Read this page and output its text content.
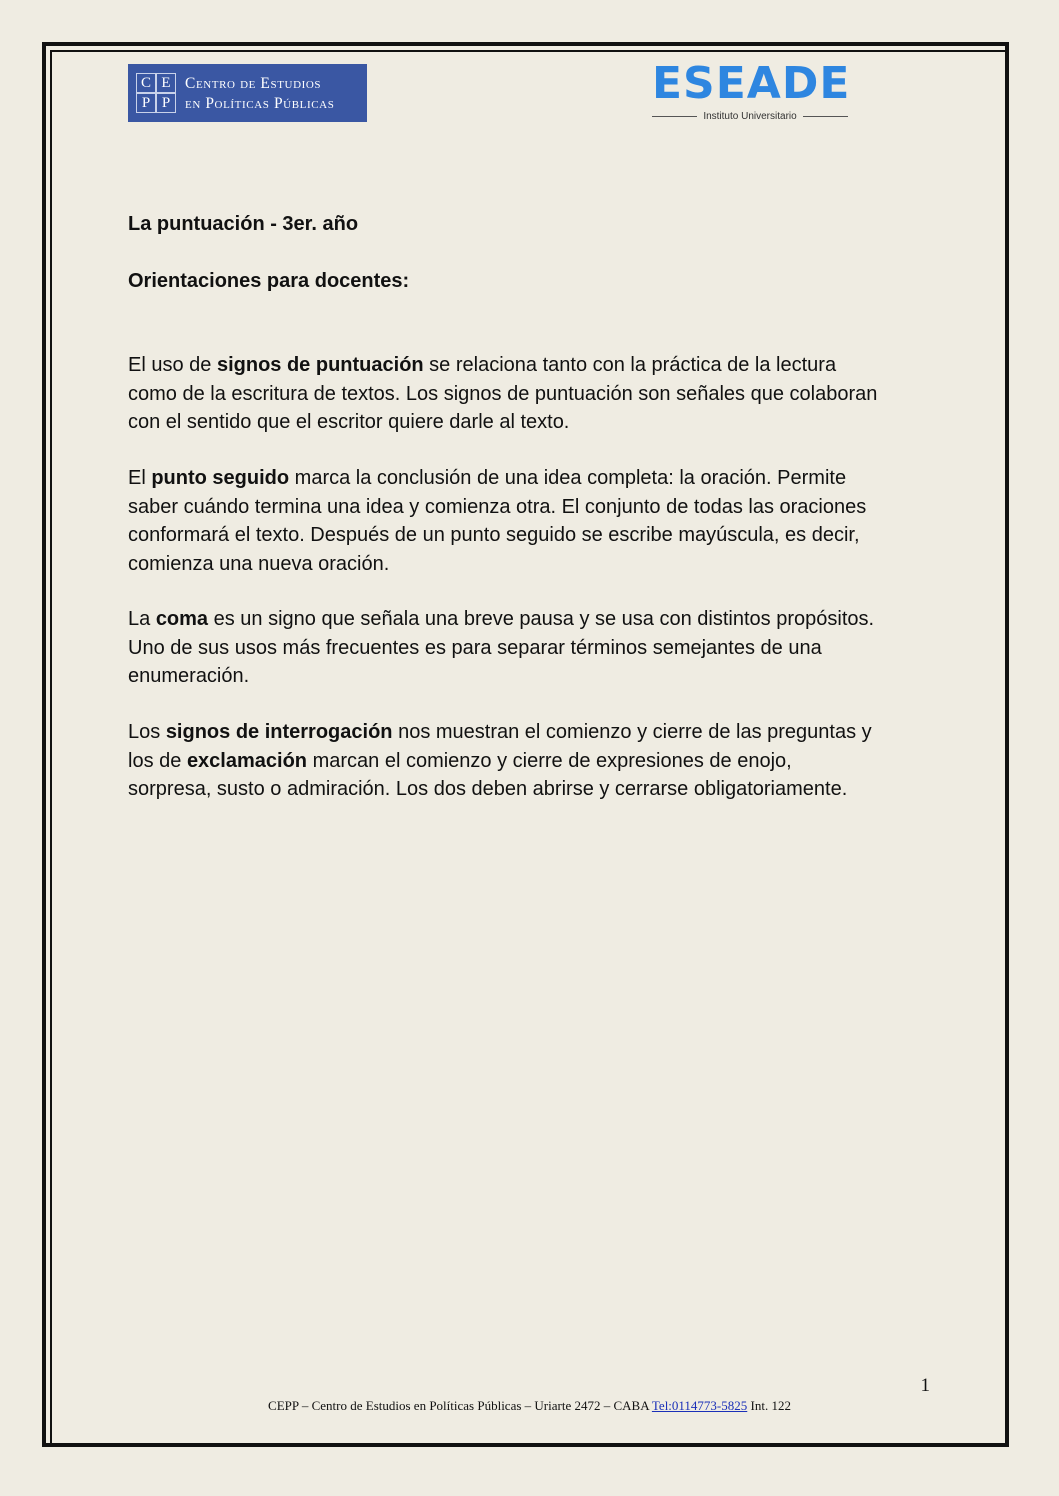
C E
P P
Centro de Estudios
en Políticas Públicas	ESEADE
Instituto Universitario
La puntuación - 3er. año
Orientaciones para docentes:

El uso de signos de puntuación se relaciona tanto con la práctica de la lectura
como de la escritura de textos. Los signos de puntuación son señales que colaboran
con el sentido que el escritor quiere darle al texto.

El punto seguido marca la conclusión de una idea completa: la oración. Permite
saber cuándo termina una idea y comienza otra. El conjunto de todas las oraciones
conformará el texto. Después de un punto seguido se escribe mayúscula, es decir,
comienza una nueva oración.

La coma es un signo que señala una breve pausa y se usa con distintos propósitos.
Uno de sus usos más frecuentes es para separar términos semejantes de una
enumeración.

Los signos de interrogación nos muestran el comienzo y cierre de las preguntas y
los de exclamación marcan el comienzo y cierre de expresiones de enojo,
sorpresa, susto o admiración. Los dos deben abrirse y cerrarse obligatoriamente.

1
CEPP – Centro de Estudios en Políticas Públicas – Uriarte 2472 – CABA Tel:0114773-5825 Int. 122
